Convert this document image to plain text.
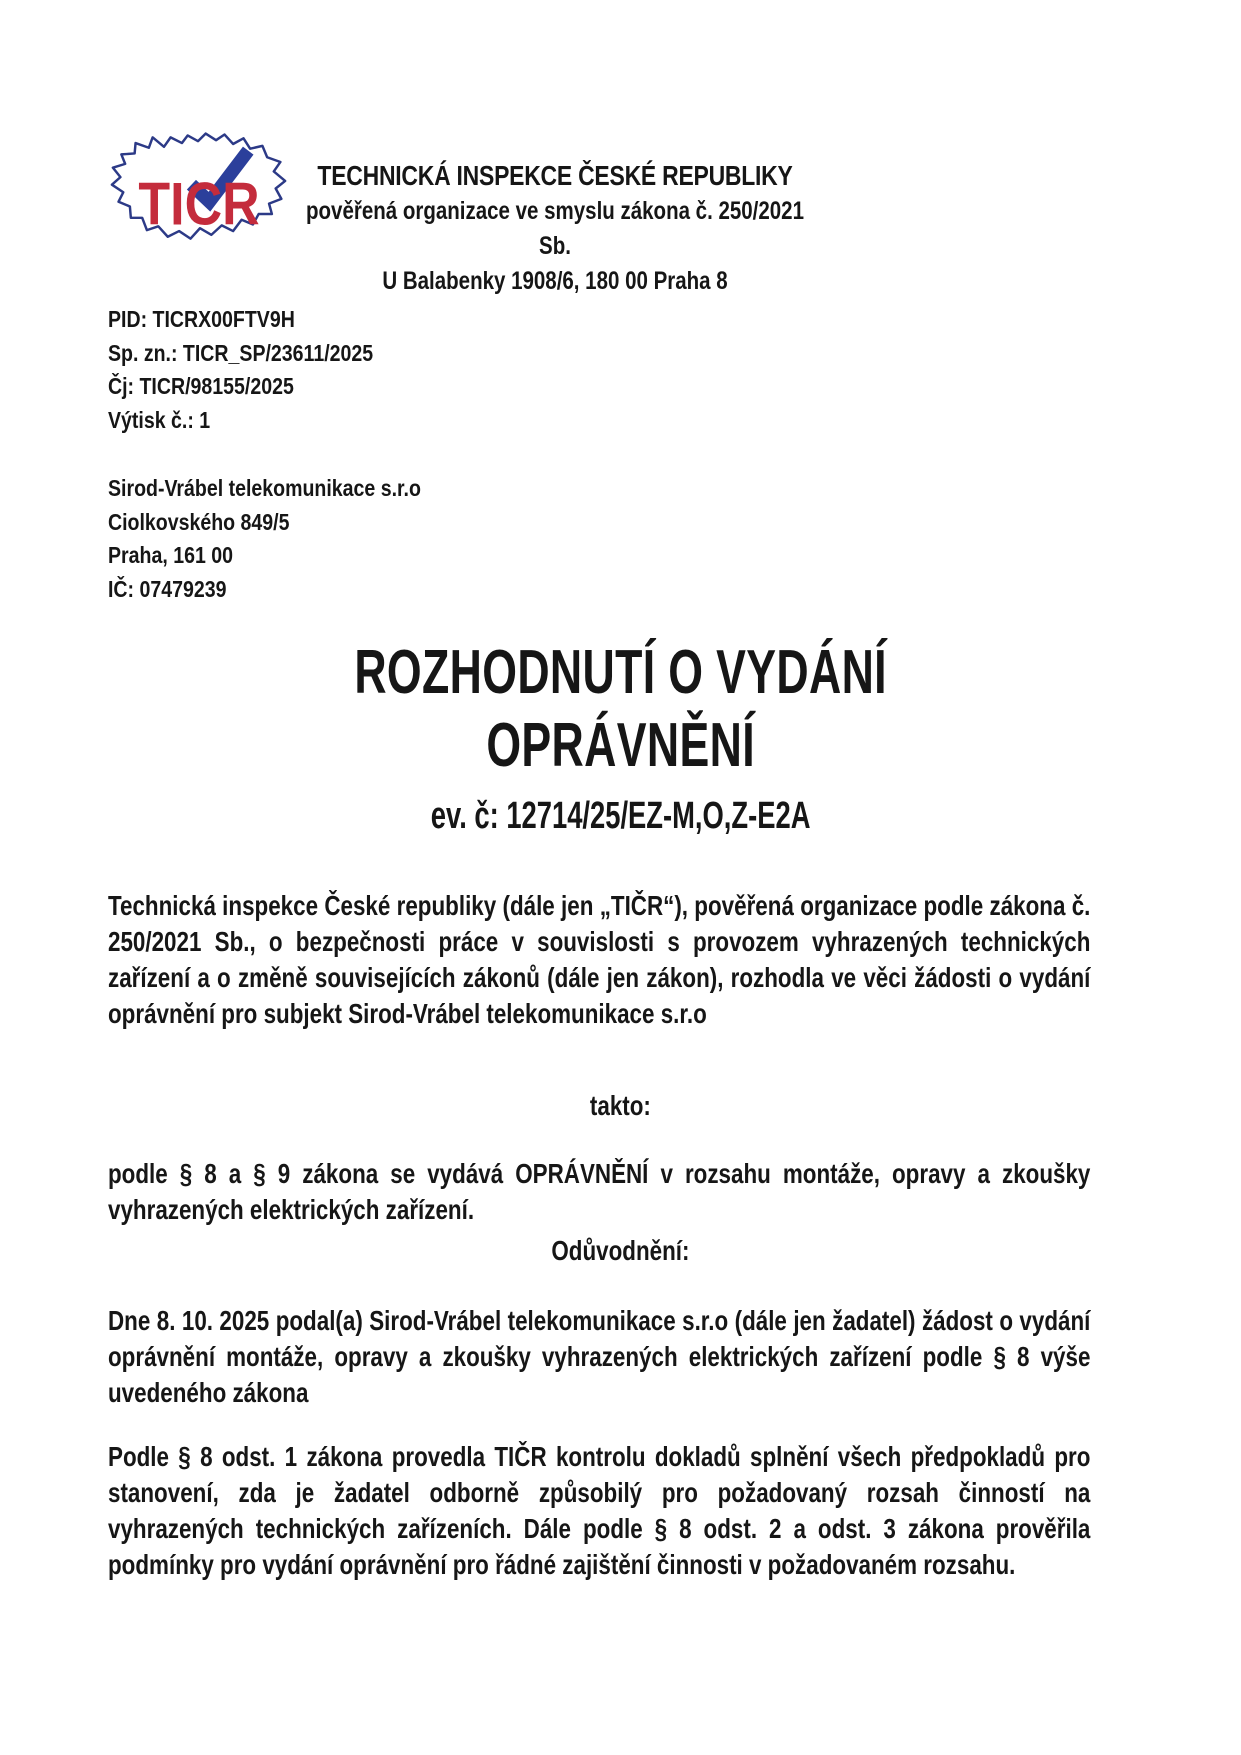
TICR	TECHNICKÁ INSPEKCE ČESKÉ REPUBLIKY
pověřená organizace ve smyslu zákona č. 250/2021 Sb.
U Balabenky 1908/6, 180 00 Praha 8
PID: TICRX00FTV9H
Sp. zn.: TICR_SP/23611/2025
Čj: TICR/98155/2025
Výtisk č.: 1
Sirod-Vrábel telekomunikace s.r.o
Ciolkovského 849/5
Praha, 161 00
IČ: 07479239
ROZHODNUTÍ O VYDÁNÍ
OPRÁVNĚNÍ
ev. č: 12714/25/EZ-M,O,Z-E2A
Technická inspekce České republiky (dále jen „TIČR“), pověřená organizace podle zákona č. 250/2021 Sb., o bezpečnosti práce v souvislosti s provozem vyhrazených technických zařízení a o změně souvisejících zákonů (dále jen zákon), rozhodla ve věci žádosti o vydání oprávnění pro subjekt Sirod-Vrábel telekomunikace s.r.o
takto:
podle § 8 a § 9 zákona se vydává OPRÁVNĚNÍ v rozsahu montáže, opravy a zkoušky vyhrazených elektrických zařízení.
Odůvodnění:
Dne 8. 10. 2025 podal(a) Sirod-Vrábel telekomunikace s.r.o (dále jen žadatel) žádost o vydání oprávnění montáže, opravy a zkoušky vyhrazených elektrických zařízení podle § 8 výše uvedeného zákona
Podle § 8 odst. 1 zákona provedla TIČR kontrolu dokladů splnění všech předpokladů pro stanovení, zda je žadatel odborně způsobilý pro požadovaný rozsah činností na vyhrazených technických zařízeních. Dále podle § 8 odst. 2 a odst. 3 zákona prověřila podmínky pro vydání oprávnění pro řádné zajištění činnosti v požadovaném rozsahu.
